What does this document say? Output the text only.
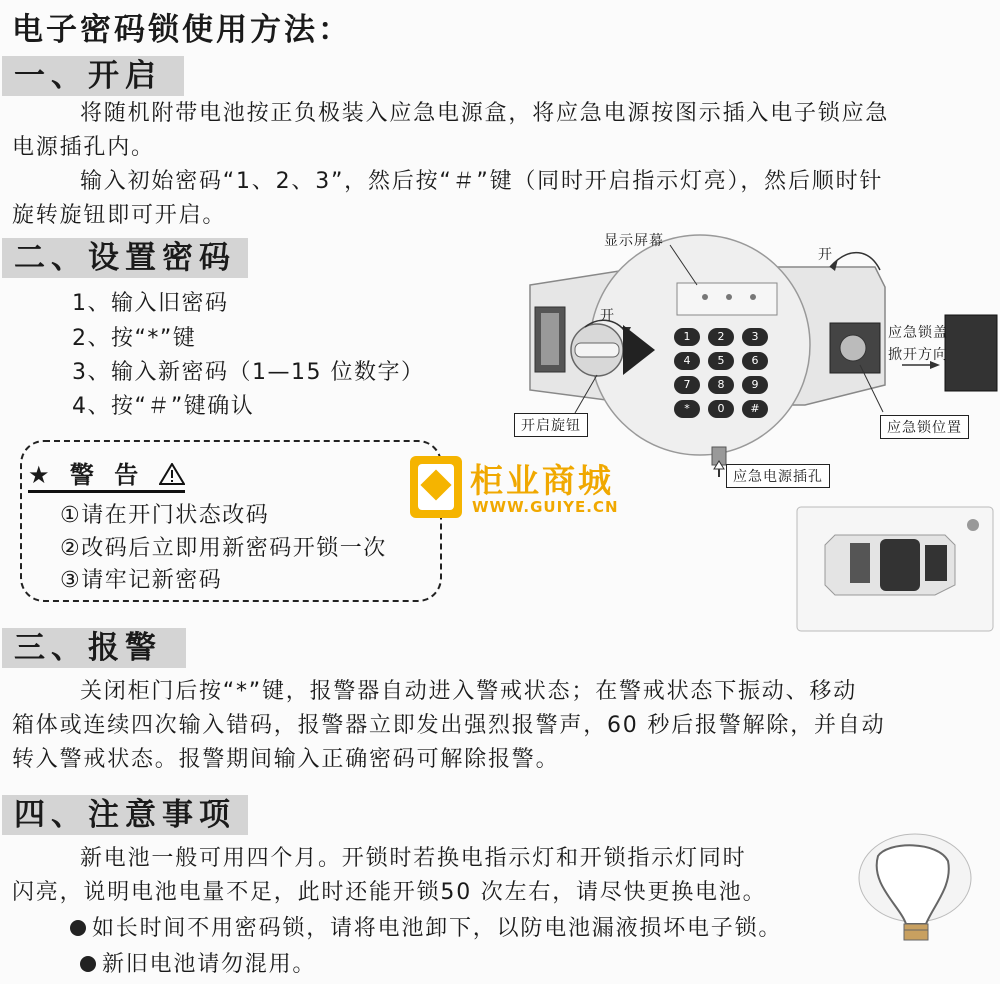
电子密码锁使用方法：
一、开启
将随机附带电池按正负极装入应急电源盒，将应急电源按图示插入电子锁应急
电源插孔内。
输入初始密码“1、2、3”，然后按“＃”键（同时开启指示灯亮），然后顺时针
旋转旋钮即可开启。
二、设置密码
1、输入旧密码
2、按“*”键
3、输入新密码（1—15 位数字）
4、按“＃”键确认
★ 警 告
①请在开门状态改码
②改码后立即用新密码开锁一次
③请牢记新密码
1	2	3
4	5	6
7	8	9
*	0	#
显示屏幕
开
开
开启旋钮
应急锁盖
掀开方向
应急锁位置
应急电源插孔
柜业商城
WWW.GUIYE.CN
三、报警
关闭柜门后按“*”键，报警器自动进入警戒状态；在警戒状态下振动、移动
箱体或连续四次输入错码，报警器立即发出强烈报警声，60 秒后报警解除，并自动
转入警戒状态。报警期间输入正确密码可解除报警。
四、注意事项
新电池一般可用四个月。开锁时若换电指示灯和开锁指示灯同时
闪亮，说明电池电量不足，此时还能开锁50 次左右，请尽快更换电池。
如长时间不用密码锁，请将电池卸下，以防电池漏液损坏电子锁。
新旧电池请勿混用。
